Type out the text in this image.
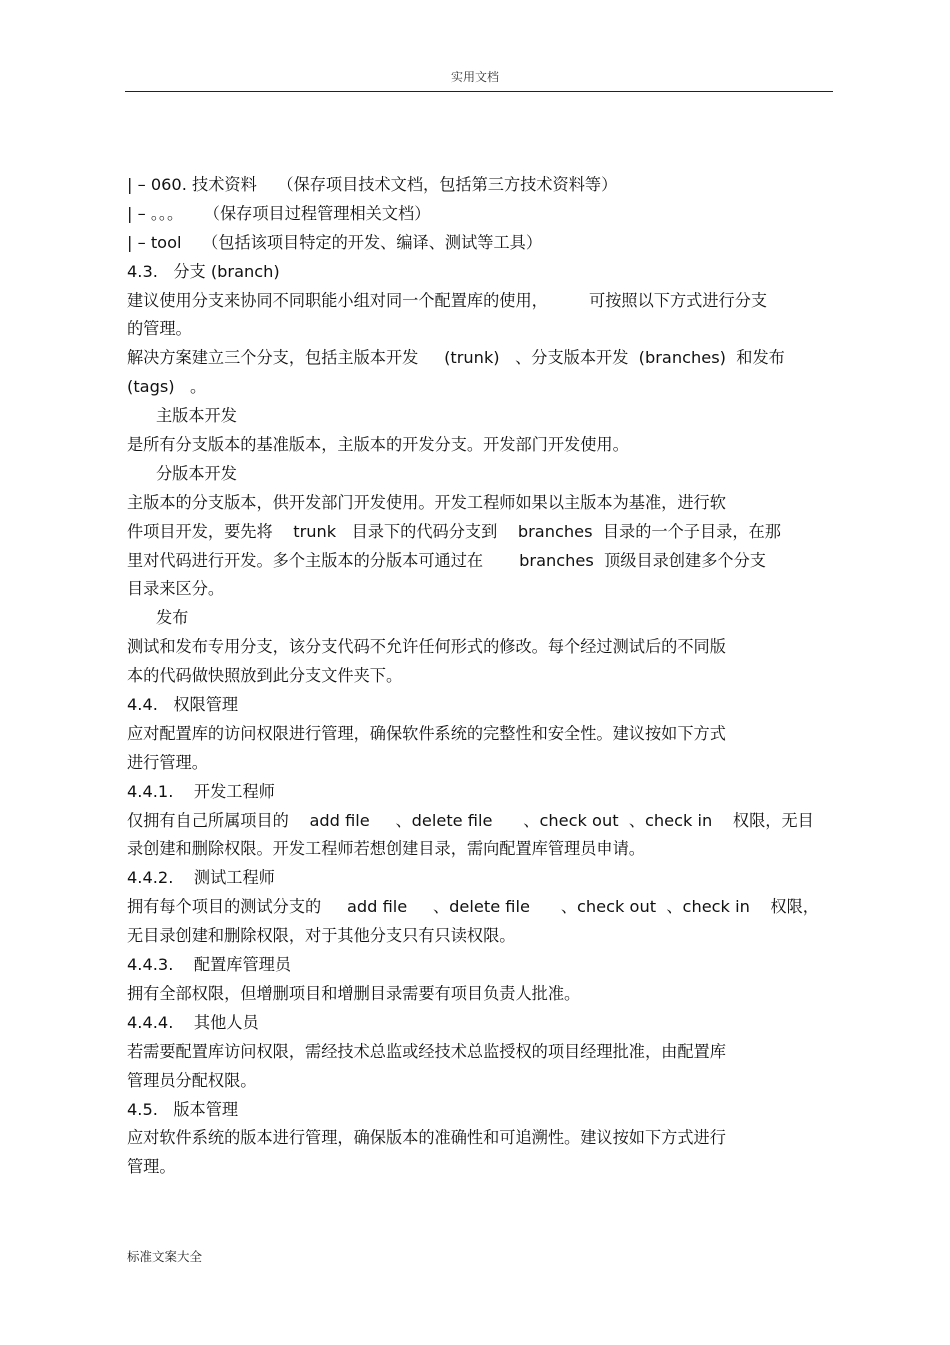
实用文档
| – 060. 技术资料    （保存项目技术文档，包括第三方技术资料等）
| – 。。。    （保存项目过程管理相关文档）
| – tool    （包括该项目特定的开发、编译、测试等工具）
4.3.   分支 (branch)
建议使用分支来协同不同职能小组对同一个配置库的使用，        可按照以下方式进行分支
的管理。
解决方案建立三个分支，包括主版本开发     (trunk)   、分支版本开发  (branches)  和发布
(tags)   。
主版本开发
是所有分支版本的基准版本，主版本的开发分支。开发部门开发使用。
分版本开发
主版本的分支版本，供开发部门开发使用。开发工程师如果以主版本为基准，进行软
件项目开发，要先将    trunk   目录下的代码分支到    branches  目录的一个子目录，在那
里对代码进行开发。多个主版本的分版本可通过在       branches  顶级目录创建多个分支
目录来区分。
发布
测试和发布专用分支，该分支代码不允许任何形式的修改。每个经过测试后的不同版
本的代码做快照放到此分支文件夹下。
4.4.   权限管理
应对配置库的访问权限进行管理，确保软件系统的完整性和安全性。建议按如下方式
进行管理。
4.4.1.    开发工程师
仅拥有自己所属项目的    add file     、delete file      、check out  、check in    权限，无目
录创建和删除权限。开发工程师若想创建目录，需向配置库管理员申请。
4.4.2.    测试工程师
拥有每个项目的测试分支的     add file     、delete file      、check out  、check in    权限，
无目录创建和删除权限，对于其他分支只有只读权限。
4.4.3.    配置库管理员
拥有全部权限，但增删项目和增删目录需要有项目负责人批准。
4.4.4.    其他人员
若需要配置库访问权限，需经技术总监或经技术总监授权的项目经理批准，由配置库
管理员分配权限。
4.5.   版本管理
应对软件系统的版本进行管理，确保版本的准确性和可追溯性。建议按如下方式进行
管理。
标准文案大全
